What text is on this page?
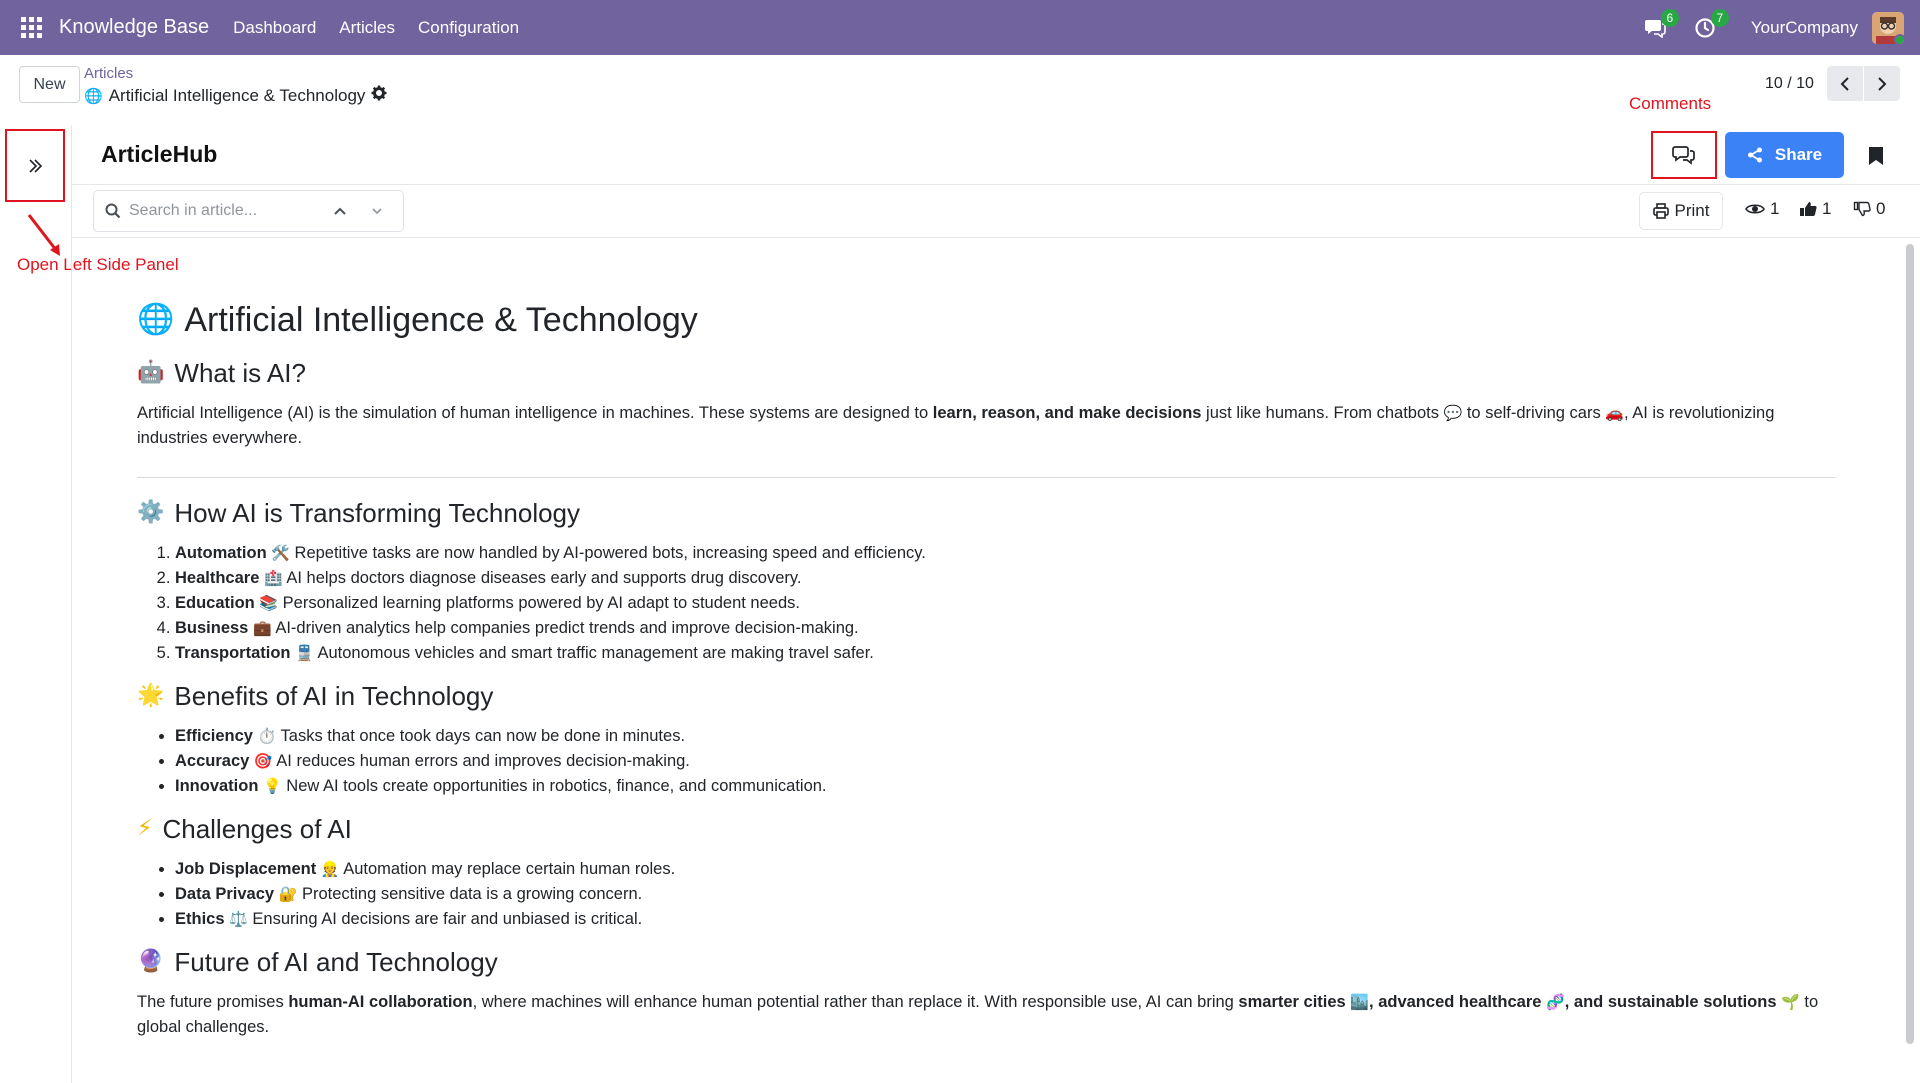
Knowledge Base Dashboard Articles Configuration	6	7	YourCompany
New
Articles
🌐 Artificial Intelligence & Technology
10 / 10
Comments
Open Left Side Panel
ArticleHub	Share
Search in article...
Print	1	1	0
🌐 Artificial Intelligence & Technology
🤖 What is AI?
Artificial Intelligence (AI) is the simulation of human intelligence in machines. These systems are designed to learn, reason, and make decisions just like humans. From chatbots 💬 to self-driving cars 🚗, AI is revolutionizing industries everywhere.
⚙️ How AI is Transforming Technology
1. Automation 🛠️ Repetitive tasks are now handled by AI-powered bots, increasing speed and efficiency.
2. Healthcare 🏥 AI helps doctors diagnose diseases early and supports drug discovery.
3. Education 📚 Personalized learning platforms powered by AI adapt to student needs.
4. Business 💼 AI-driven analytics help companies predict trends and improve decision-making.
5. Transportation 🚆 Autonomous vehicles and smart traffic management are making travel safer.
🌟 Benefits of AI in Technology
• Efficiency ⏱️ Tasks that once took days can now be done in minutes.
• Accuracy 🎯 AI reduces human errors and improves decision-making.
• Innovation 💡 New AI tools create opportunities in robotics, finance, and communication.
⚡ Challenges of AI
• Job Displacement 👷 Automation may replace certain human roles.
• Data Privacy 🔐 Protecting sensitive data is a growing concern.
• Ethics ⚖️ Ensuring AI decisions are fair and unbiased is critical.
🔮 Future of AI and Technology
The future promises human-AI collaboration, where machines will enhance human potential rather than replace it. With responsible use, AI can bring smarter cities 🏙️, advanced healthcare 🧬, and sustainable solutions 🌱 to global challenges.
